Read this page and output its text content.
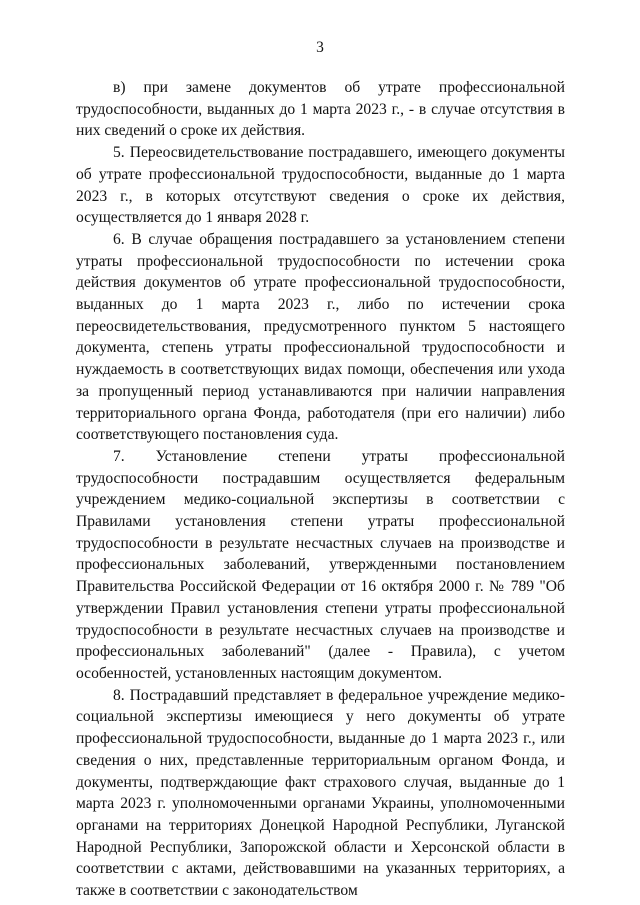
3

в) при замене документов об утрате профессиональной трудоспособности, выданных до 1 марта 2023 г., - в случае отсутствия в них сведений о сроке их действия.

5. Переосвидетельствование пострадавшего, имеющего документы об утрате профессиональной трудоспособности, выданные до 1 марта 2023 г., в которых отсутствуют сведения о сроке их действия, осуществляется до 1 января 2028 г.

6. В случае обращения пострадавшего за установлением степени утраты профессиональной трудоспособности по истечении срока действия документов об утрате профессиональной трудоспособности, выданных до 1 марта 2023 г., либо по истечении срока переосвидетельствования, предусмотренного пунктом 5 настоящего документа, степень утраты профессиональной трудоспособности и нуждаемость в соответствующих видах помощи, обеспечения или ухода за пропущенный период устанавливаются при наличии направления территориального органа Фонда, работодателя (при его наличии) либо соответствующего постановления суда.

7. Установление степени утраты профессиональной трудоспособности пострадавшим осуществляется федеральным учреждением медико-социальной экспертизы в соответствии с Правилами установления степени утраты профессиональной трудоспособности в результате несчастных случаев на производстве и профессиональных заболеваний, утвержденными постановлением Правительства Российской Федерации от 16 октября 2000 г. № 789 "Об утверждении Правил установления степени утраты профессиональной трудоспособности в результате несчастных случаев на производстве и профессиональных заболеваний" (далее - Правила), с учетом особенностей, установленных настоящим документом.

8. Пострадавший представляет в федеральное учреждение медико-социальной экспертизы имеющиеся у него документы об утрате профессиональной трудоспособности, выданные до 1 марта 2023 г., или сведения о них, представленные территориальным органом Фонда, и документы, подтверждающие факт страхового случая, выданные до 1 марта 2023 г. уполномоченными органами Украины, уполномоченными органами на территориях Донецкой Народной Республики, Луганской Народной Республики, Запорожской области и Херсонской области в соответствии с актами, действовавшими на указанных территориях, а также в соответствии с законодательством
